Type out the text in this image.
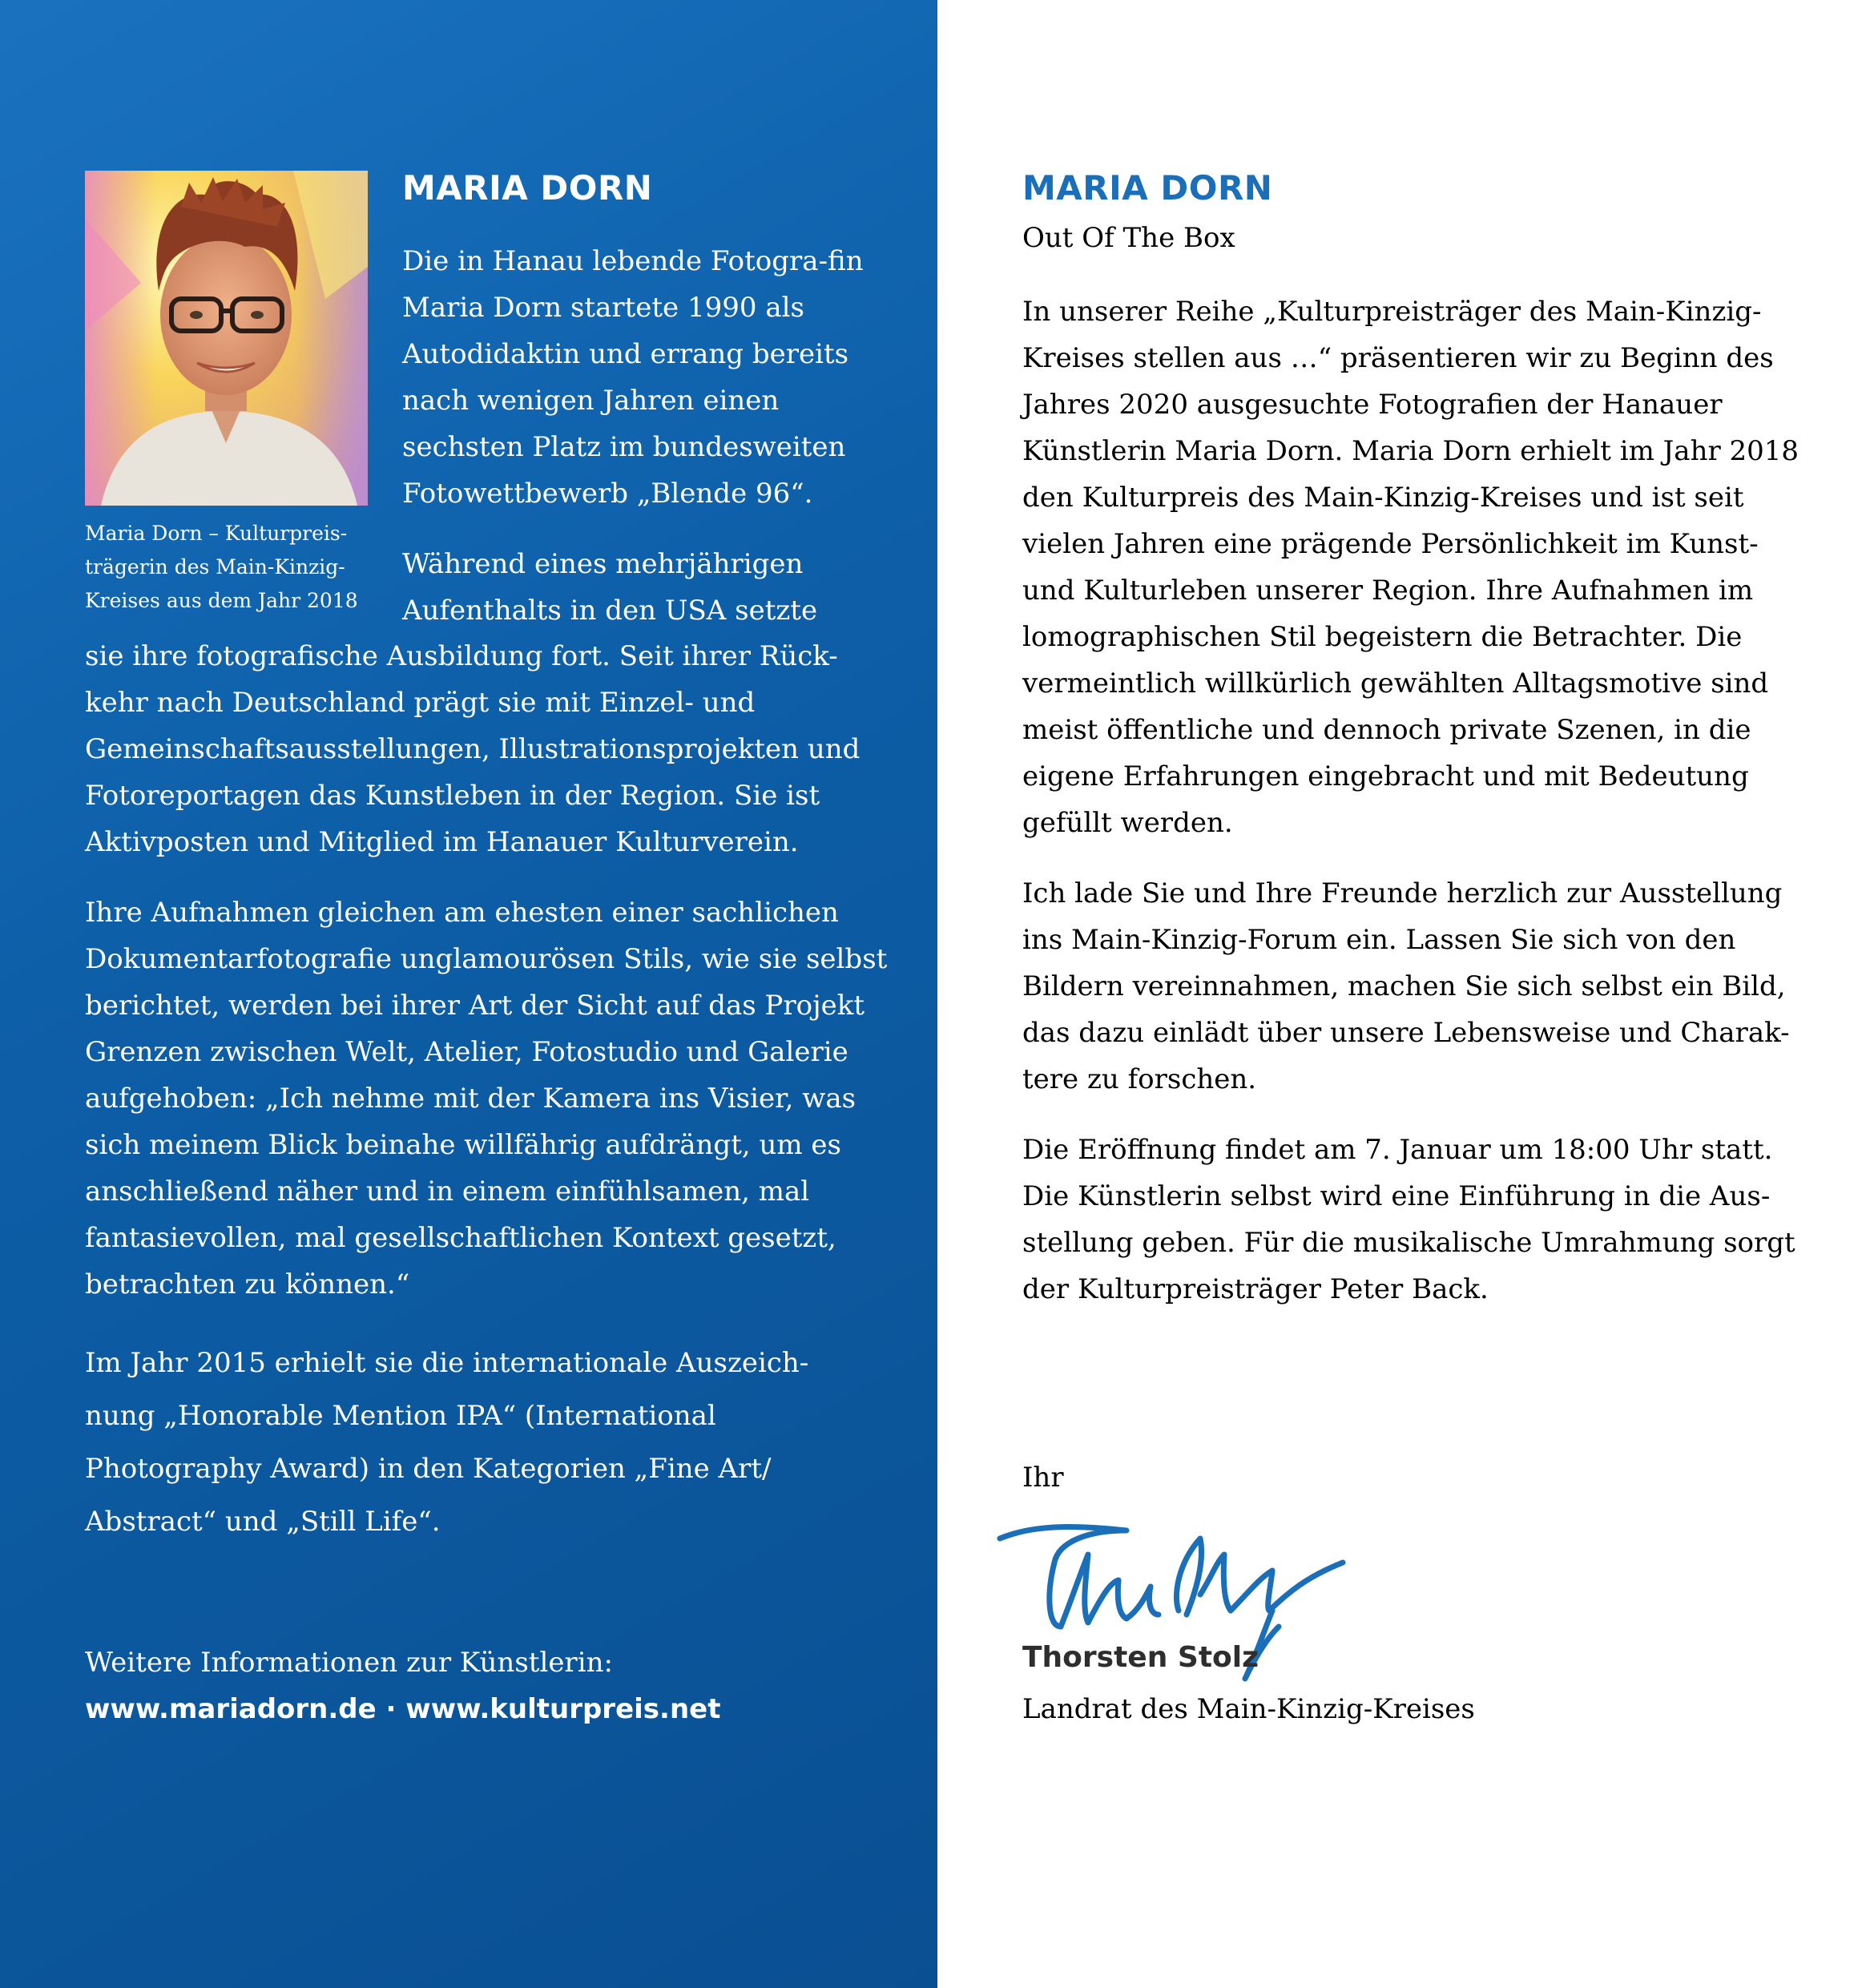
Maria Dorn – Kulturpreis-

trägerin des Main-Kinzig-

Kreises aus dem Jahr 2018

MARIA DORN

Die in Hanau lebende Fotogra-fin Maria Dorn startete 1990 als Autodidaktin und errang bereits nach wenigen Jahren einen sechsten Platz im bundesweiten Fotowettbewerb „Blende 96“.

Während eines mehrjährigen Aufenthalts in den USA setzte

sie ihre fotografische Ausbildung fort. Seit ihrer Rück-kehr nach Deutschland prägt sie mit Einzel- und Gemeinschaftsausstellungen, Illustrationsprojekten und Fotoreportagen das Kunstleben in der Region. Sie ist Aktivposten und Mitglied im Hanauer Kulturverein.

Ihre Aufnahmen gleichen am ehesten einer sachlichen Dokumentarfotografie unglamourösen Stils, wie sie selbst berichtet, werden bei ihrer Art der Sicht auf das Projekt Grenzen zwischen Welt, Atelier, Fotostudio und Galerie aufgehoben: „Ich nehme mit der Kamera ins Visier, was sich meinem Blick beinahe willfährig aufdrängt, um es anschließend näher und in einem einfühlsamen, mal fantasievollen, mal gesellschaftlichen Kontext gesetzt, betrachten zu können.“

Im Jahr 2015 erhielt sie die internationale Auszeich-nung „Honorable Mention IPA“ (International Photography Award) in den Kategorien „Fine Art/ Abstract“ und „Still Life“.

Weitere Informationen zur Künstlerin:

www.mariadorn.de · www.kulturpreis.net

MARIA DORN

Out Of The Box

In unserer Reihe „Kulturpreisträger des Main-Kinzig-Kreises stellen aus …“ präsentieren wir zu Beginn des Jahres 2020 ausgesuchte Fotografien der Hanauer Künstlerin Maria Dorn. Maria Dorn erhielt im Jahr 2018 den Kulturpreis des Main-Kinzig-Kreises und ist seit vielen Jahren eine prägende Persönlichkeit im Kunst- und Kulturleben unserer Region. Ihre Aufnahmen im lomographischen Stil begeistern die Betrachter. Die vermeintlich willkürlich gewählten Alltagsmotive sind meist öffentliche und dennoch private Szenen, in die eigene Erfahrungen eingebracht und mit Bedeutung gefüllt werden.

Ich lade Sie und Ihre Freunde herzlich zur Ausstellung ins Main-Kinzig-Forum ein. Lassen Sie sich von den Bildern vereinnahmen, machen Sie sich selbst ein Bild, das dazu einlädt über unsere Lebensweise und Charak-tere zu forschen.

Die Eröffnung findet am 7. Januar um 18:00 Uhr statt. Die Künstlerin selbst wird eine Einführung in die Aus-stellung geben. Für die musikalische Umrahmung sorgt der Kulturpreisträger Peter Back.

Ihr

Thorsten Stolz

Landrat des Main-Kinzig-Kreises
